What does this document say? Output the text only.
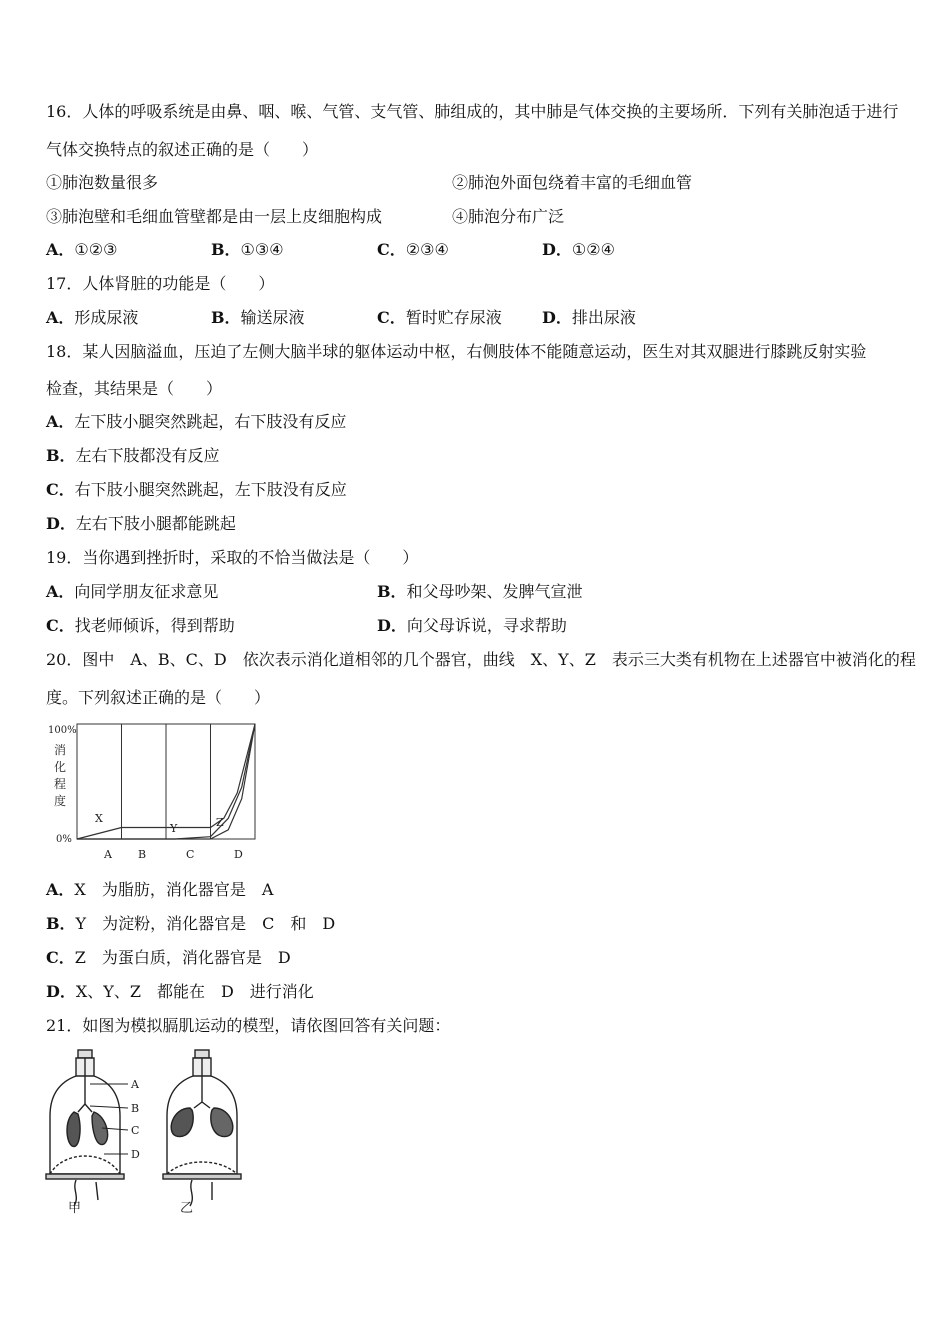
16．人体的呼吸系统是由鼻、咽、喉、气管、支气管、肺组成的，其中肺是气体交换的主要场所．下列有关肺泡适于进行
气体交换特点的叙述正确的是（　　）
①肺泡数量很多	②肺泡外面包绕着丰富的毛细血管
③肺泡壁和毛细血管壁都是由一层上皮细胞构成	④肺泡分布广泛
A．①②③	B．①③④	C．②③④	D．①②④
17．人体肾脏的功能是（　　）
A．形成尿液	B．输送尿液	C．暂时贮存尿液	D．排出尿液
18．某人因脑溢血，压迫了左侧大脑半球的躯体运动中枢，右侧肢体不能随意运动，医生对其双腿进行膝跳反射实验
检查，其结果是（　　）
A．左下肢小腿突然跳起，右下肢没有反应
B．左右下肢都没有反应
C．右下肢小腿突然跳起，左下肢没有反应
D．左右下肢小腿都能跳起
19．当你遇到挫折时，采取的不恰当做法是（　　）
A．向同学朋友征求意见	B．和父母吵架、发脾气宣泄
C．找老师倾诉，得到帮助	D．向父母诉说，寻求帮助
20．图中　A、B、C、D　依次表示消化道相邻的几个器官，曲线　X、Y、Z　表示三大类有机物在上述器官中被消化的程
度。下列叙述正确的是（　　）
100%
0%
消
化
程
度
A B	C	D
X
Y	Z
A．X　为脂肪，消化器官是　A
B．Y　为淀粉，消化器官是　C　和　D
C．Z　为蛋白质，消化器官是　D
D．X、Y、Z　都能在　D　进行消化
21．如图为模拟膈肌运动的模型，请依图回答有关问题：
A
B
C
D
甲	乙
